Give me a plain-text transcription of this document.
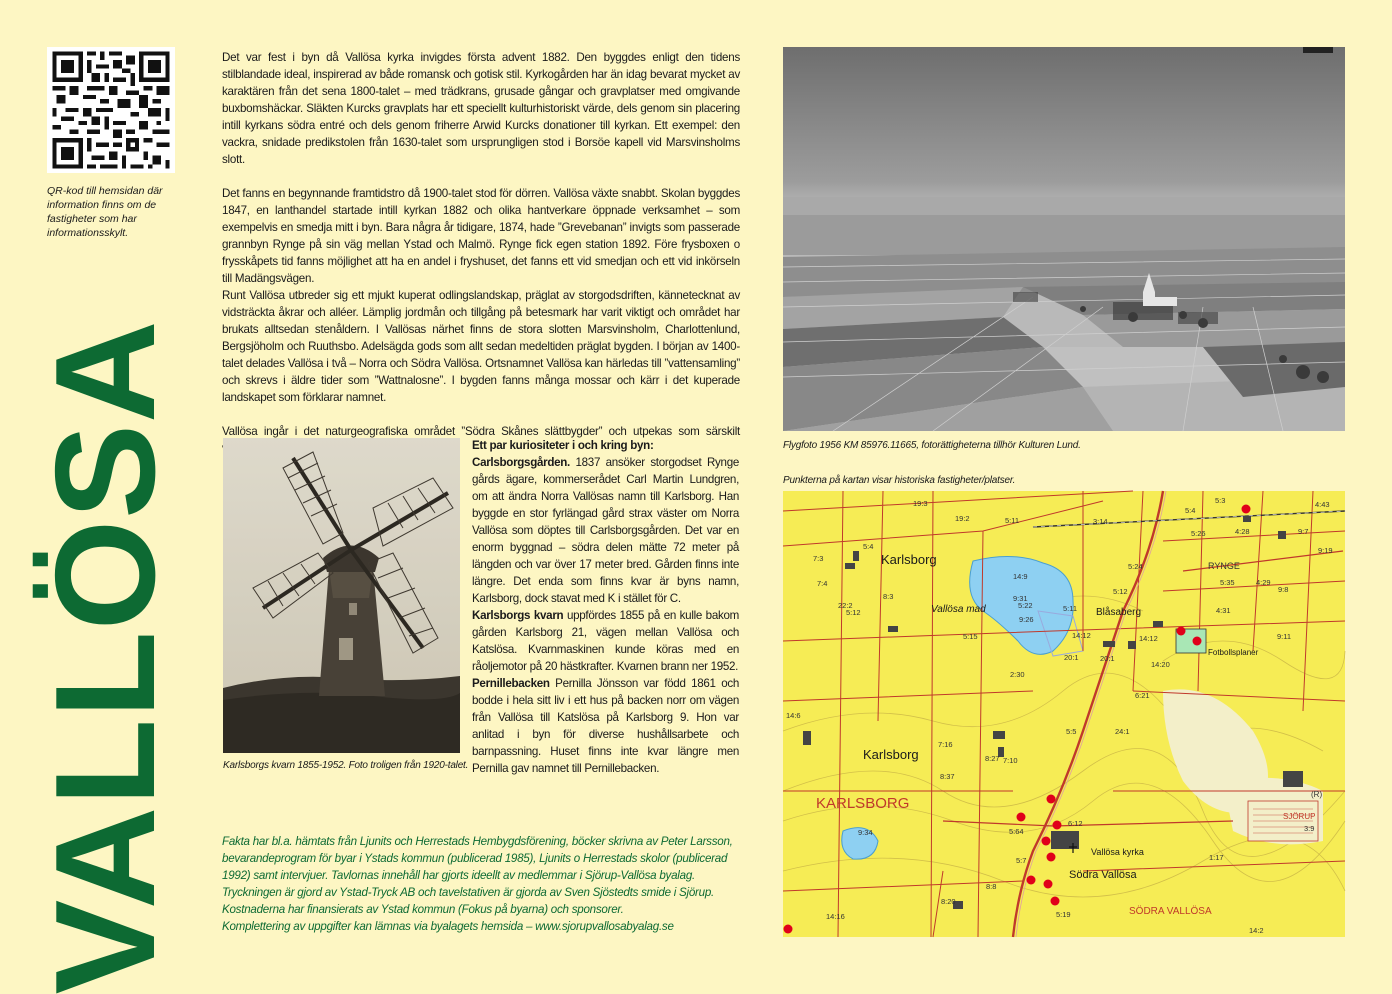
QR-kod till hemsidan där information finns om de fastigheter som har informationsskylt.

VALLÖSA

Det var fest i byn då Vallösa kyrka invigdes första advent 1882. Den byggdes enligt den tidens stilblandade ideal, inspirerad av både romansk och gotisk stil. Kyrkogården har än idag bevarat mycket av karaktären från det sena 1800-talet – med trädkrans, grusade gångar och gravplatser med omgivande buxbomshäckar. Släkten Kurcks gravplats har ett speciellt kulturhistoriskt värde, dels genom sin placering intill kyrkans södra entré och dels genom friherre Arwid Kurcks donationer till kyrkan. Ett exempel: den vackra, snidade predikstolen från 1630-talet som ursprungligen stod i Borsöe kapell vid Marsvinsholms slott.

Det fanns en begynnande framtidstro då 1900-talet stod för dörren. Vallösa växte snabbt. Skolan byggdes 1847, en lanthandel startade intill kyrkan 1882 och olika hantverkare öppnade verksamhet – som exempelvis en smedja mitt i byn. Bara några år tidigare, 1874, hade ”Grevebanan” invigts som passerade grannbyn Rynge på sin väg mellan Ystad och Malmö. Rynge fick egen station 1892. Före frysboxen o frysskåpets tid fanns möjlighet att ha en andel i fryshuset, det fanns ett vid smedjan och ett vid inkörseln till Madängsvägen.

Runt Vallösa utbreder sig ett mjukt kuperat odlingslandskap, präglat av storgodsdriften, kännetecknat av vidsträckta åkrar och alléer. Lämplig jordmån och tillgång på betesmark har varit viktigt och området har brukats alltsedan stenåldern. I Vallösas närhet finns de stora slotten Marsvinsholm, Charlottenlund, Bergsjöholm och Ruuthsbo. Adelsägda gods som allt sedan medeltiden präglat bygden. I början av 1400-talet delades Vallösa i två – Norra och Södra Vallösa. Ortsnamnet Vallösa kan härledas till ”vattensamling” och skrevs i äldre tider som ”Wattnalosne”. I bygden fanns många mossar och kärr i det kuperade landskapet som förklarar namnet.

Vallösa ingår i det naturgeografiska området ”Södra Skånes slättbygder” och utpekas som särskilt

Karlsborgs kvarn 1855-1952. Foto troligen från 1920-talet.

Ett par kuriositeter i och kring byn:
Carlsborgsgården. 1837 ansöker storgodset Rynge gårds ägare, kommerserådet Carl Martin Lundgren, om att ändra Norra Vallösas namn till Karlsborg. Han byggde en stor fyrlängad gård strax väster om Norra Vallösa som döptes till Carlsborgsgården. Det var en enorm byggnad – södra delen mätte 72 meter på längden och var över 17 meter bred. Gården finns inte längre. Det enda som finns kvar är byns namn, Karlsborg, dock stavat med K i stället för C.
Karlsborgs kvarn uppfördes 1855 på en kulle bakom gården Karlsborg 21, vägen mellan Vallösa och Katslösa. Kvarnmaskinen kunde köras med en råoljemotor på 20 hästkrafter. Kvarnen brann ner 1952.
Pernillebacken Pernilla Jönsson var född 1861 och bodde i hela sitt liv i ett hus på backen norr om vägen från Vallösa till Katslösa på Karlsborg 9. Hon var anlitad i byn för diverse hushållsarbete och barnpassning. Huset finns inte kvar längre men Pernilla gav namnet till Pernillebacken.

Fakta har bl.a. hämtats från Ljunits och Herrestads Hembygdsförening, böcker skrivna av Peter Larsson,
bevarandeprogram för byar i Ystads kommun (publicerad 1985), Ljunits o Herrestads skolor (publicerad
1992) samt intervjuer. Tavlornas innehåll har gjorts ideellt av medlemmar i Sjörup-Vallösa byalag.
Tryckningen är gjord av Ystad-Tryck AB och tavelstativen är gjorda av Sven Sjöstedts smide i Sjörup.
Kostnaderna har finansierats av Ystad kommun (Fokus på byarna) och sponsorer.
Komplettering av uppgifter kan lämnas via byalagets hemsida – www.sjorupvallosabyalag.se

Flygfoto 1956 KM 85976.11665, fotorättigheterna tillhör Kulturen Lund.

Punkterna på kartan visar historiska fastigheter/platser.

Karlsborg
Vallösa mad	Blåsaberg
RYNGE
Fotbollsplaner
Karlsborg
Vallösa kyrka
Södra Vallösa
KARLSBORG
SÖDRA VALLÖSA
SJÖRUP
(R)
19:3
19:2	5:11	3:14
5:3
5:4
5:26	4:28	9:7
7:3
5:4	9:19
8:3
14:9
5:24
5:35	4:29
9:8
7:4
22:2
5:12
5:22
9:31
5:11
5:12
4:31
9:26
14:12	14:12	9:11
5:15
20:1	20:1
14:20
2:30
6:21
14:6
7:16
7:10
5:5	24:1
8:27
8:37
6:12
9:34	5:64
5:7	1:17
8:8
8:20
5:19
14:16
3:9
4:43
14:2
